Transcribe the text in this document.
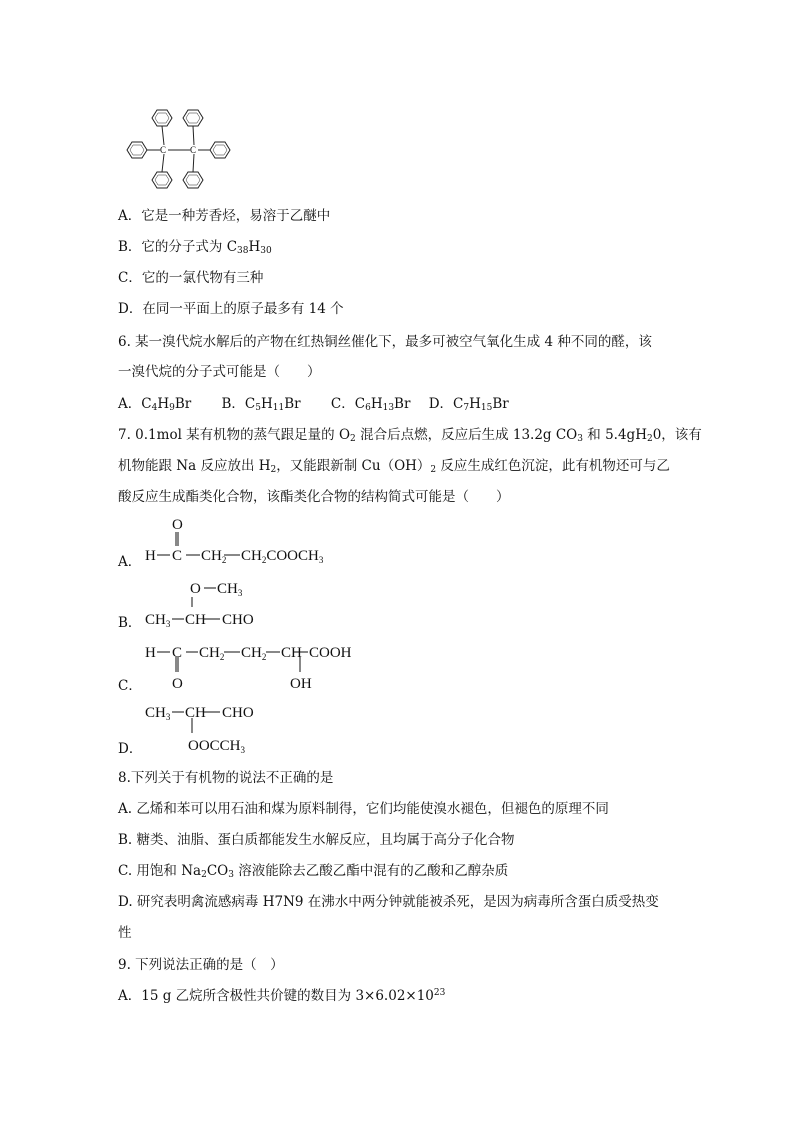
C	C
A．它是一种芳香烃，易溶于乙醚中
B．它的分子式为 $C_{38}H_{30}$
C．它的一氯代物有三种
D．在同一平面上的原子最多有 14 个
6. 某一溴代烷水解后的产物在红热铜丝催化下，最多可被空气氧化生成 4 种不同的醛，该
一溴代烷的分子式可能是（　　）
A．$C_4H_9Br$ B．$C_5H_{11}Br$ C．$C_6H_{13}Br$ D．$C_7H_{15}Br$
7. 0.1mol 某有机物的蒸气跟足量的 $O_2$ 混合后点燃，反应后生成 13.2g $CO_3$ 和 $5.4gH_20$，该有
机物能跟 Na 反应放出 $H_2$，又能跟新制 $Cu(OH)_2$ 反应生成红色沉淀，此有机物还可与乙
酸反应生成酯类化合物，该酯类化合物的结构简式可能是（　　）
A．
O
H C $CH_2$ $CH_2COOCH_3$
B．
O $CH_3$
$CH_3$ CH CHO
C．
H C $CH_2$ $CH_2$ CH COOH
O	OH
D．
$CH_3$ CH CHO
$OOCCH_3$
8.下列关于有机物的说法不正确的是
A. 乙烯和苯可以用石油和煤为原料制得，它们均能使溴水褪色，但褪色的原理不同
B. 糖类、油脂、蛋白质都能发生水解反应，且均属于高分子化合物
C. 用饱和 $Na_2CO_3$ 溶液能除去乙酸乙酯中混有的乙酸和乙醇杂质
D. 研究表明禽流感病毒 H7N9 在沸水中两分钟就能被杀死，是因为病毒所含蛋白质受热变
性
9. 下列说法正确的是（　）
A．15 g 乙烷所含极性共价键的数目为 $3\times 6.02\times 10^{23}$
